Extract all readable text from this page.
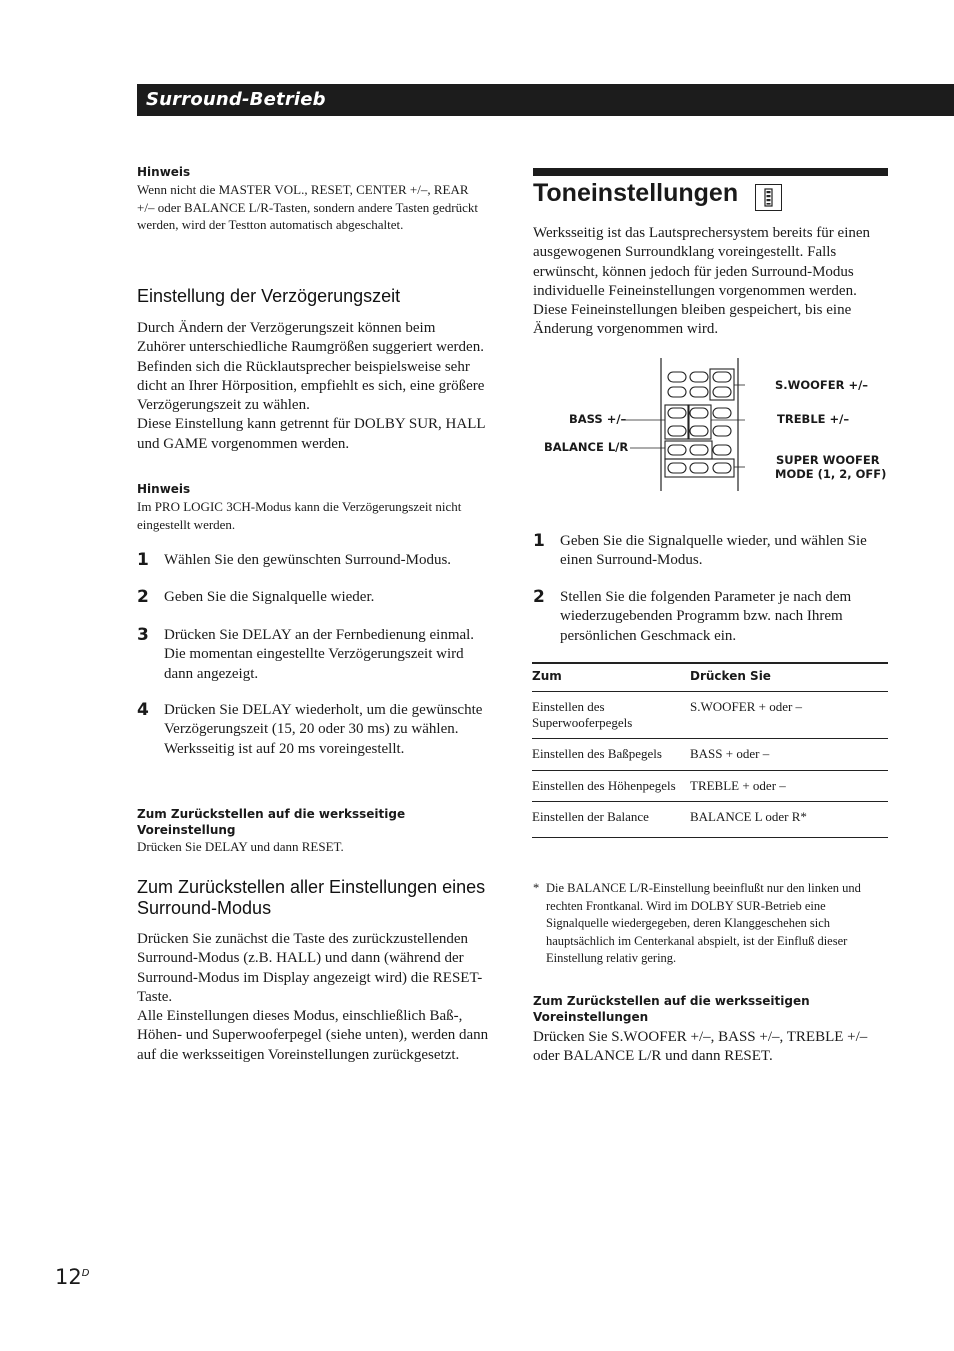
Surround-Betrieb
Hinweis
Wenn nicht die MASTER VOL., RESET, CENTER +/–, REAR +/– oder BALANCE L/R-Tasten, sondern andere Tasten gedrückt werden, wird der Testton automatisch abgeschaltet.
Einstellung der Verzögerungszeit
Durch Ändern der Verzögerungszeit können beim Zuhörer unterschiedliche Raumgrößen suggeriert werden. Befinden sich die Rücklautsprecher beispielsweise sehr dicht an Ihrer Hörposition, empfiehlt es sich, eine größere Verzögerungszeit zu wählen.
Diese Einstellung kann getrennt für DOLBY SUR, HALL und GAME vorgenommen werden.
Hinweis
Im PRO LOGIC 3CH-Modus kann die Verzögerungszeit nicht eingestellt werden.
1	Wählen Sie den gewünschten Surround-Modus.
2	Geben Sie die Signalquelle wieder.
3	Drücken Sie DELAY an der Fernbedienung einmal. Die momentan eingestellte Verzögerungszeit wird dann angezeigt.
4	Drücken Sie DELAY wiederholt, um die gewünschte Verzögerungszeit (15, 20 oder 30 ms) zu wählen.
Werksseitig ist auf 20 ms voreingestellt.
Zum Zurückstellen auf die werksseitige Voreinstellung
Drücken Sie DELAY und dann RESET.
Zum Zurückstellen aller Einstellungen eines
Surround-Modus
Drücken Sie zunächst die Taste des zurückzustellenden Surround-Modus (z.B. HALL) und dann (während der Surround-Modus im Display angezeigt wird) die RESET-Taste.
Alle Einstellungen dieses Modus, einschließlich Baß-, Höhen- und Superwooferpegel (siehe unten), werden dann auf die werksseitigen Voreinstellungen zurückgesetzt.
Toneinstellungen
Werksseitig ist das Lautsprechersystem bereits für einen ausgewogenen Surroundklang voreingestellt. Falls erwünscht, können jedoch für jeden Surround-Modus individuelle Feineinstellungen vorgenommen werden. Diese Feineinstellungen bleiben gespeichert, bis eine Änderung vorgenommen wird.
S.WOOFER +/–
BASS +/–	TREBLE +/–
BALANCE L/R
SUPER WOOFER
MODE (1, 2, OFF)
1	Geben Sie die Signalquelle wieder, und wählen Sie einen Surround-Modus.
2	Stellen Sie die folgenden Parameter je nach dem wiederzugebenden Programm bzw. nach Ihrem persönlichen Geschmack ein.
Zum	Drücken Sie
Einstellen des Superwooferpegels	S.WOOFER + oder –
Einstellen des Baßpegels	BASS + oder –
Einstellen des Höhenpegels	TREBLE + oder –
Einstellen der Balance	BALANCE L oder R*
* Die BALANCE L/R-Einstellung beeinflußt nur den linken und rechten Frontkanal. Wird im DOLBY SUR-Betrieb eine Signalquelle wiedergegeben, deren Klanggeschehen sich hauptsächlich im Centerkanal abspielt, ist der Einfluß dieser Einstellung relativ gering.
Zum Zurückstellen auf die werksseitigen
Voreinstellungen
Drücken Sie S.WOOFER +/–, BASS +/–, TREBLE +/– oder BALANCE L/R und dann RESET.
$12^D$
